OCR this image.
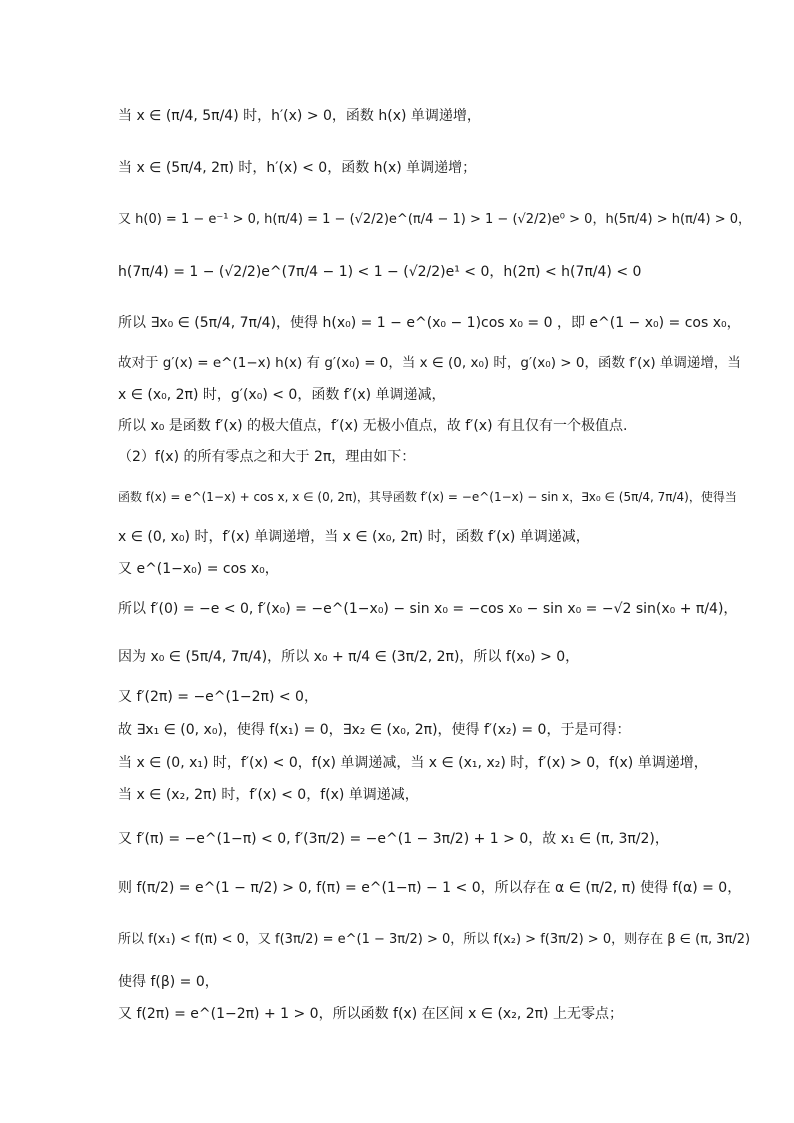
当 x ∈ (π/4, 5π/4) 时，h′(x) > 0，函数 h(x) 单调递增，
当 x ∈ (5π/4, 2π) 时，h′(x) < 0，函数 h(x) 单调递增；
又 h(0) = 1 − e⁻¹ > 0, h(π/4) = 1 − (√2/2)e^(π/4 − 1) > 1 − (√2/2)e⁰ > 0，h(5π/4) > h(π/4) > 0，
h(7π/4) = 1 − (√2/2)e^(7π/4 − 1) < 1 − (√2/2)e¹ < 0，h(2π) < h(7π/4) < 0
所以 ∃x₀ ∈ (5π/4, 7π/4)，使得 h(x₀) = 1 − e^(x₀ − 1)cos x₀ = 0 ，即 e^(1 − x₀) = cos x₀，
故对于 g′(x) = e^(1−x) h(x) 有 g′(x₀) = 0，当 x ∈ (0, x₀) 时，g′(x₀) > 0，函数 f′(x) 单调递增，当
x ∈ (x₀, 2π) 时，g′(x₀) < 0，函数 f′(x) 单调递减，
所以 x₀ 是函数 f′(x) 的极大值点，f′(x) 无极小值点，故 f′(x) 有且仅有一个极值点.
（2）f(x) 的所有零点之和大于 2π，理由如下：
函数 f(x) = e^(1−x) + cos x, x ∈ (0, 2π)，其导函数 f′(x) = −e^(1−x) − sin x，∃x₀ ∈ (5π/4, 7π/4)，使得当
x ∈ (0, x₀) 时，f′(x) 单调递增，当 x ∈ (x₀, 2π) 时，函数 f′(x) 单调递减，
又 e^(1−x₀) = cos x₀，
所以 f′(0) = −e < 0, f′(x₀) = −e^(1−x₀) − sin x₀ = −cos x₀ − sin x₀ = −√2 sin(x₀ + π/4)，
因为 x₀ ∈ (5π/4, 7π/4)，所以 x₀ + π/4 ∈ (3π/2, 2π)，所以 f(x₀) > 0，
又 f′(2π) = −e^(1−2π) < 0，
故 ∃x₁ ∈ (0, x₀)，使得 f(x₁) = 0，∃x₂ ∈ (x₀, 2π)，使得 f′(x₂) = 0，于是可得：
当 x ∈ (0, x₁) 时，f′(x) < 0，f(x) 单调递减，当 x ∈ (x₁, x₂) 时，f′(x) > 0，f(x) 单调递增，
当 x ∈ (x₂, 2π) 时，f′(x) < 0，f(x) 单调递减，
又 f′(π) = −e^(1−π) < 0, f′(3π/2) = −e^(1 − 3π/2) + 1 > 0，故 x₁ ∈ (π, 3π/2)，
则 f(π/2) = e^(1 − π/2) > 0, f(π) = e^(1−π) − 1 < 0，所以存在 α ∈ (π/2, π) 使得 f(α) = 0，
所以 f(x₁) < f(π) < 0，又 f(3π/2) = e^(1 − 3π/2) > 0，所以 f(x₂) > f(3π/2) > 0，则存在 β ∈ (π, 3π/2)
使得 f(β) = 0，
又 f(2π) = e^(1−2π) + 1 > 0，所以函数 f(x) 在区间 x ∈ (x₂, 2π) 上无零点；
